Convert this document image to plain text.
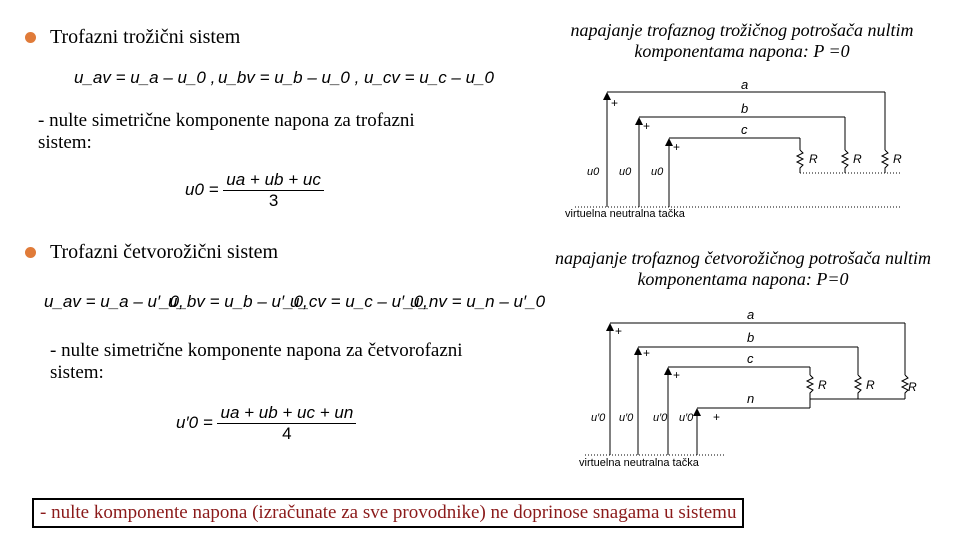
Trofazni trožični sistem
u_av = u_a – u_0 , u_bv = u_b – u_0 , u_cv = u_c – u_0
- nulte simetrične komponente napona za trofazni sistem:
$u0 = \frac{ua + ub + uc}{3}$
Trofazni četvorožični sistem
u_av = u_a – u′_0,
u_bv = u_b – u′_0,
u_cv = u_c – u′_0,
u_nv = u_n – u′_0
- nulte simetrične komponente napona za četvorofazni sistem:
$u'0 = \frac{ua + ub + uc + un}{4}$
napajanje trofaznog trožičnog potrošača nultim komponentama napona: P =0
napajanje trofaznog četvorožičnog potrošača nultim komponentama napona: P=0
a
b
c
+
+
+
R	R	R
u0 u0 u0
virtuelna neutralna tačka
a
b
c
n
+
+
+
+
R	R	R
u′0 u′0 u′0 u′0
virtuelna neutralna tačka
- nulte komponente napona (izračunate za sve provodnike) ne doprinose snagama u sistemu
